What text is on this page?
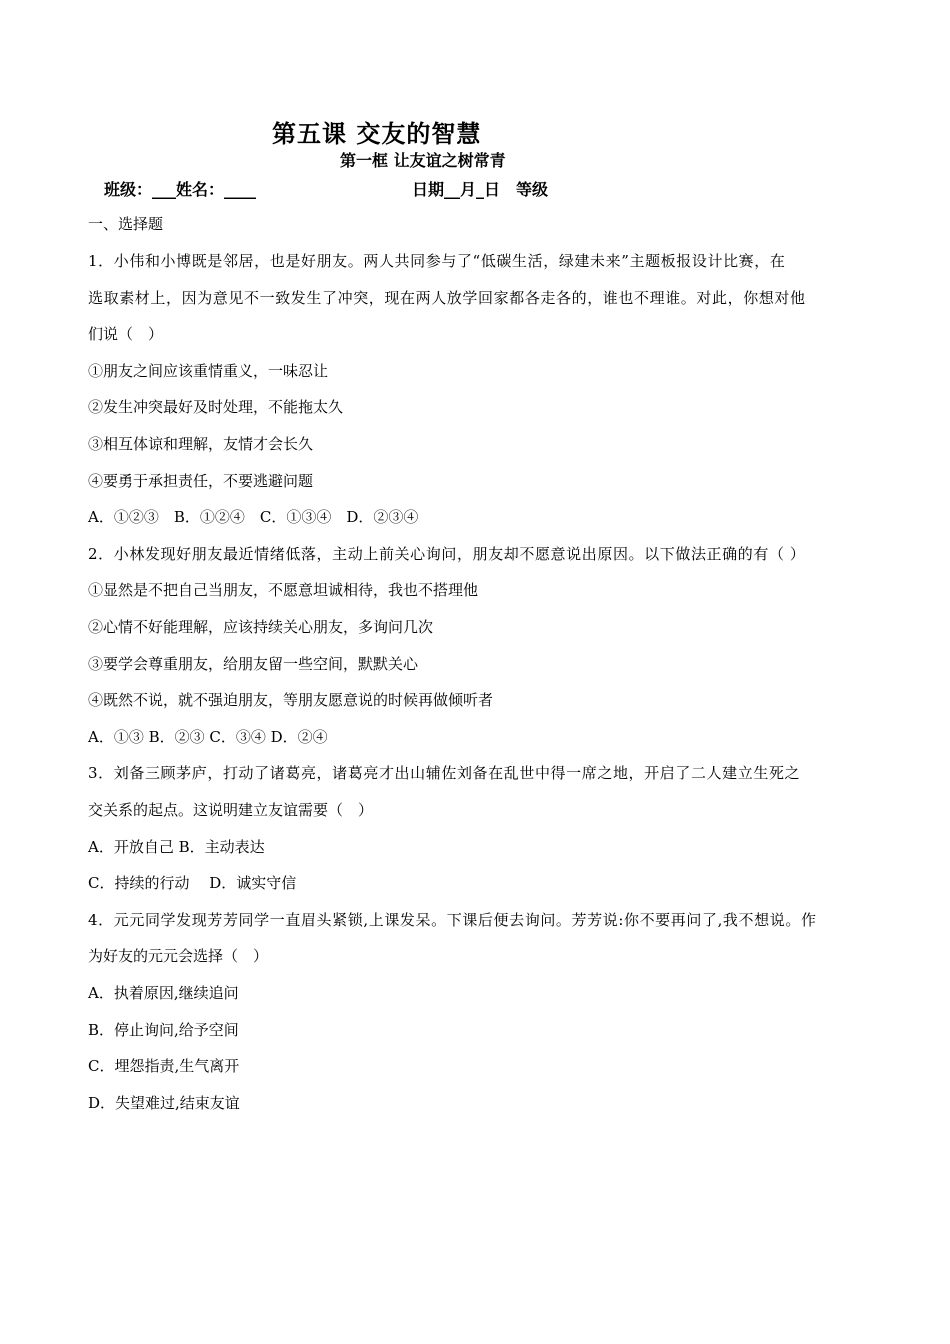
第五课 交友的智慧
第一框 让友谊之树常青
班级：___姓名：____	日期__月_日　等级
一、选择题
1．小伟和小博既是邻居，也是好朋友。两人共同参与了“低碳生活，绿建未来”主题板报设计比赛，在
选取素材上，因为意见不一致发生了冲突，现在两人放学回家都各走各的，谁也不理谁。对此，你想对他
们说（　）
①朋友之间应该重情重义，一味忍让
②发生冲突最好及时处理，不能拖太久
③相互体谅和理解，友情才会长久
④要勇于承担责任，不要逃避问题
A．①②③　B．①②④　C．①③④　D．②③④
2．小林发现好朋友最近情绪低落，主动上前关心询问，朋友却不愿意说出原因。以下做法正确的有（ ）
①显然是不把自己当朋友，不愿意坦诚相待，我也不搭理他
②心情不好能理解，应该持续关心朋友，多询问几次
③要学会尊重朋友，给朋友留一些空间，默默关心
④既然不说，就不强迫朋友，等朋友愿意说的时候再做倾听者
A．①③ B．②③ C．③④ D．②④
3．刘备三顾茅庐，打动了诸葛亮，诸葛亮才出山辅佐刘备在乱世中得一席之地，开启了二人建立生死之
交关系的起点。这说明建立友谊需要（　）
A．开放自己 B．主动表达
C．持续的行动　 D．诚实守信
4．元元同学发现芳芳同学一直眉头紧锁,上课发呆。下课后便去询问。芳芳说:你不要再问了,我不想说。作
为好友的元元会选择（　）
A．执着原因,继续追问
B．停止询问,给予空间
C．埋怨指责,生气离开
D．失望难过,结束友谊
